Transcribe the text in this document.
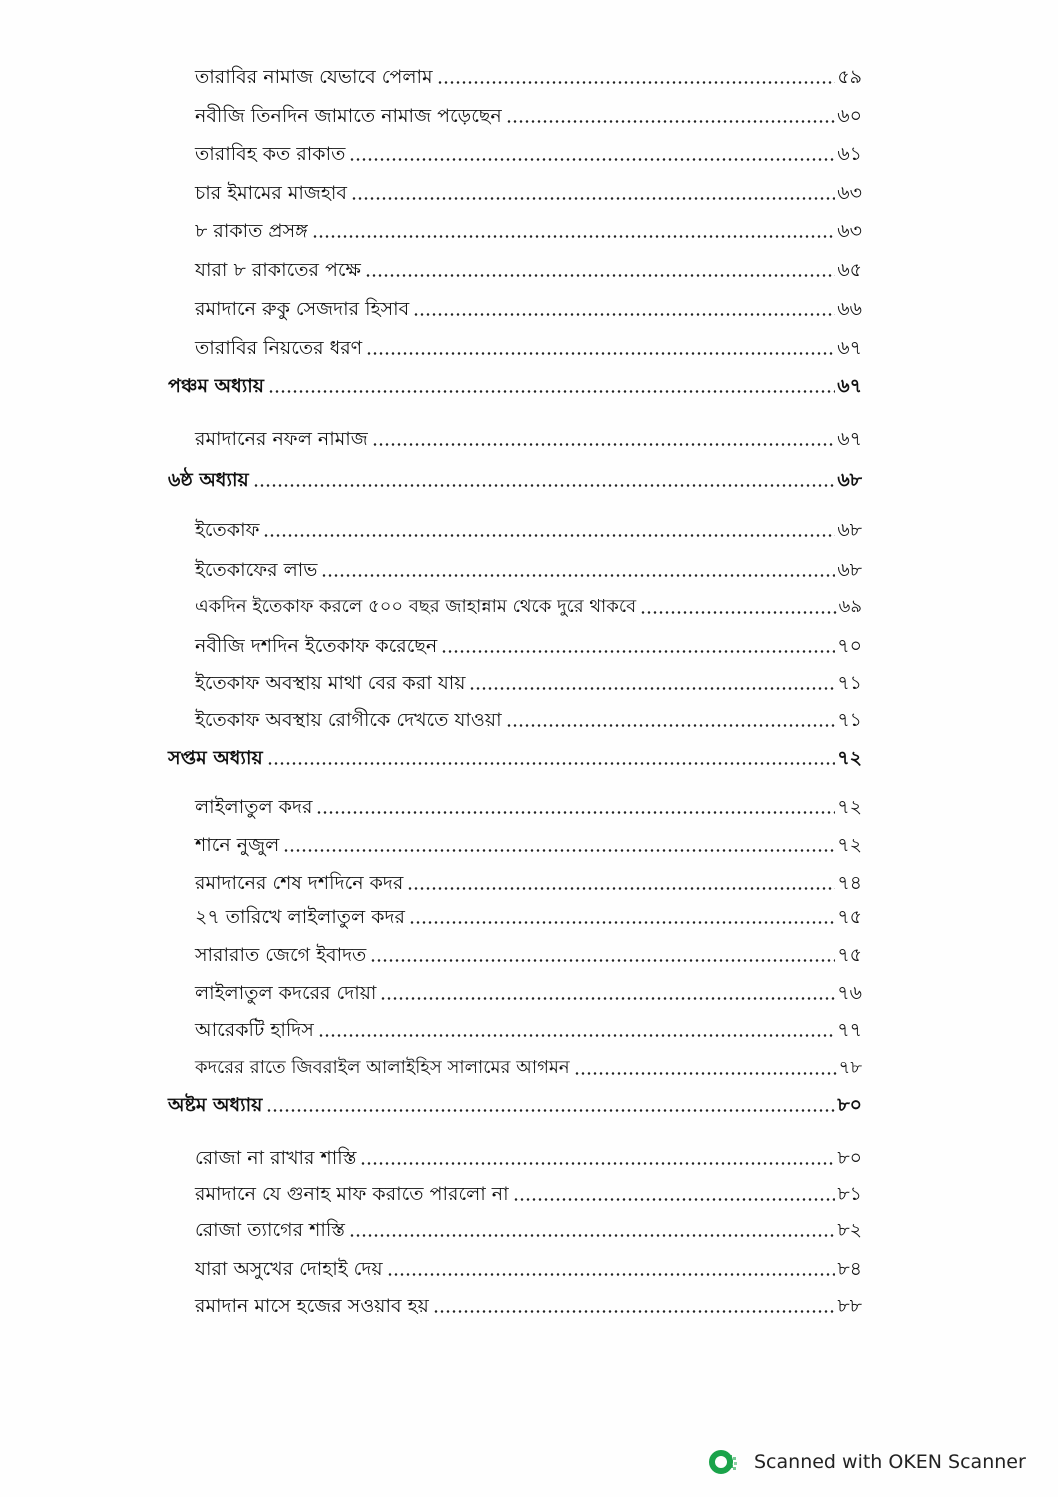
তারাবির নামাজ যেভাবে পেলাম	৫৯
নবীজি তিনদিন জামাতে নামাজ পড়েছেন	৬০
তারাবিহ কত রাকাত	৬১
চার ইমামের মাজহাব	৬৩
৮ রাকাত প্রসঙ্গ	৬৩
যারা ৮ রাকাতের পক্ষে	৬৫
রমাদানে রুকু সেজদার হিসাব	৬৬
তারাবির নিয়তের ধরণ	৬৭
পঞ্চম অধ্যায়	৬৭
রমাদানের নফল নামাজ	৬৭
৬ষ্ঠ অধ্যায়	৬৮
ইতেকাফ	৬৮
ইতেকাফের লাভ	৬৮
একদিন ইতেকাফ করলে ৫০০ বছর জাহান্নাম থেকে দুরে থাকবে	৬৯
নবীজি দশদিন ইতেকাফ করেছেন	৭০
ইতেকাফ অবস্থায় মাথা বের করা যায়	৭১
ইতেকাফ অবস্থায় রোগীকে দেখতে যাওয়া	৭১
সপ্তম অধ্যায়	৭২
লাইলাতুল কদর	৭২
শানে নুজুল	৭২
রমাদানের শেষ দশদিনে কদর	৭৪
২৭ তারিখে লাইলাতুল কদর	৭৫
সারারাত জেগে ইবাদত	৭৫
লাইলাতুল কদরের দোয়া	৭৬
আরেকটি হাদিস	৭৭
কদরের রাতে জিবরাইল আলাইহিস সালামের আগমন	৭৮
অষ্টম অধ্যায়	৮০
রোজা না রাখার শাস্তি	৮০
রমাদানে যে গুনাহ মাফ করাতে পারলো না	৮১
রোজা ত্যাগের শাস্তি	৮২
যারা অসুখের দোহাই দেয়	৮৪
রমাদান মাসে হজের সওয়াব হয়	৮৮
Scanned with OKEN Scanner
